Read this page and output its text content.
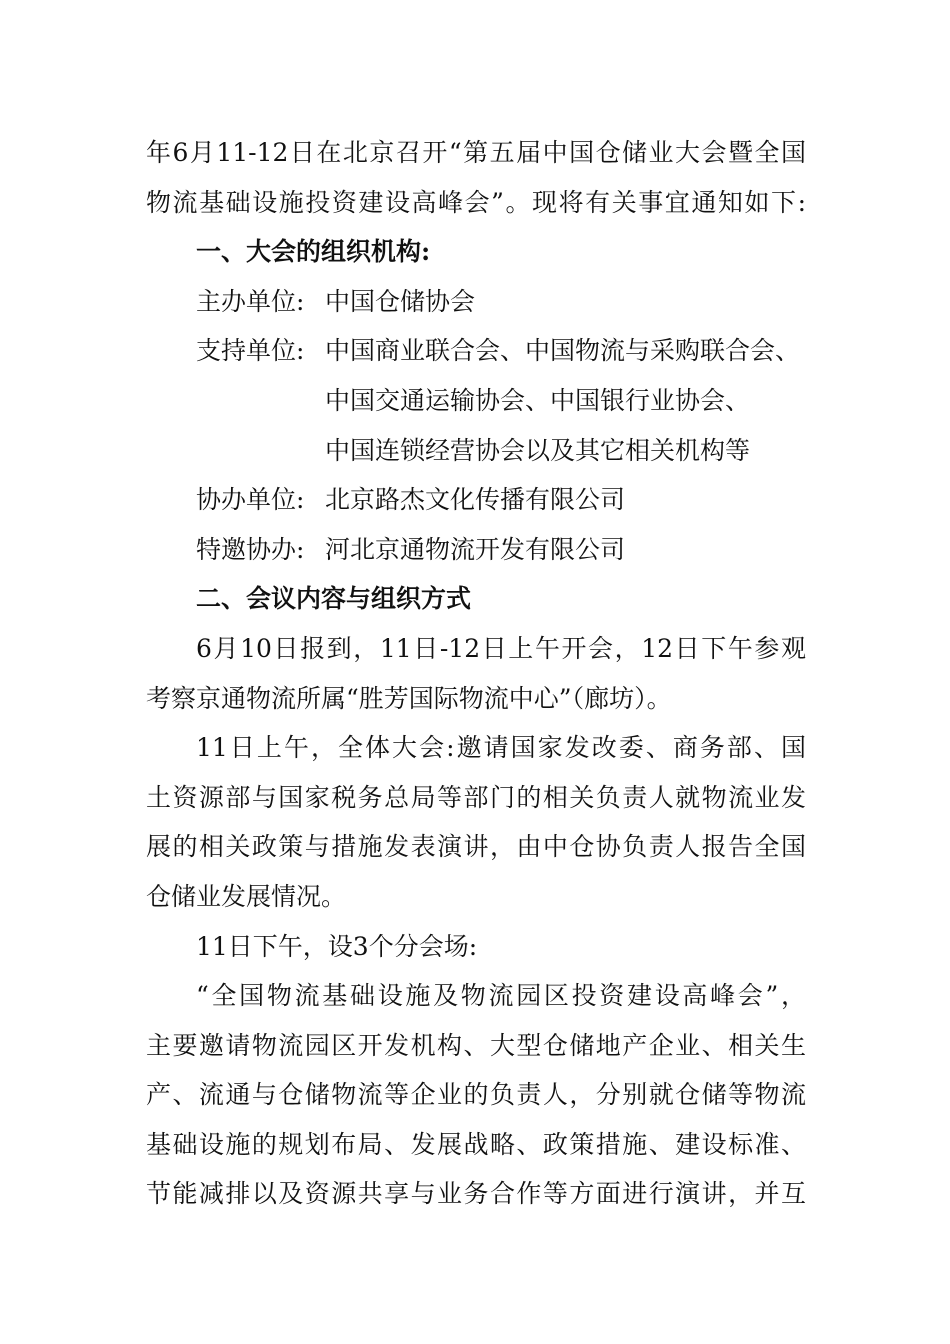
年6月11-12日在北京召开“第五届中国仓储业大会暨全国
物流基础设施投资建设高峰会”。现将有关事宜通知如下:
一、大会的组织机构:
主办单位: 中国仓储协会
支持单位: 中国商业联合会、中国物流与采购联合会、
中国交通运输协会、中国银行业协会、
中国连锁经营协会以及其它相关机构等
协办单位: 北京路杰文化传播有限公司
特邀协办: 河北京通物流开发有限公司
二、会议内容与组织方式
6月10日报到，11日-12日上午开会，12日下午参观
考察京通物流所属“胜芳国际物流中心”（廊坊）。
11日上午，全体大会:邀请国家发改委、商务部、国
土资源部与国家税务总局等部门的相关负责人就物流业发
展的相关政策与措施发表演讲，由中仓协负责人报告全国
仓储业发展情况。
11日下午，设3个分会场:
“全国物流基础设施及物流园区投资建设高峰会”，
主要邀请物流园区开发机构、大型仓储地产企业、相关生
产、流通与仓储物流等企业的负责人，分别就仓储等物流
基础设施的规划布局、发展战略、政策措施、建设标准、
节能减排以及资源共享与业务合作等方面进行演讲，并互
